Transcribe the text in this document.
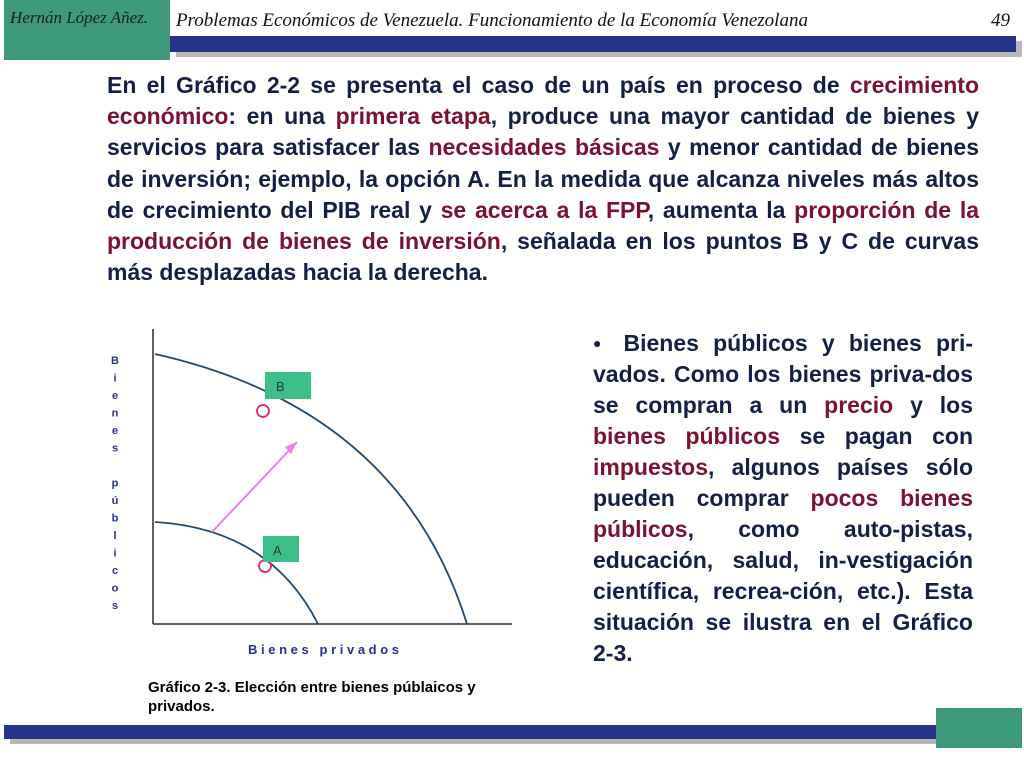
Hernán López Añez. Problemas Económicos de Venezuela. Funcionamiento de la Economía Venezolana	49

En el Gráfico 2-2 se presenta el caso de un país en proceso de crecimiento económico: en una primera etapa, produce una mayor cantidad de bienes y servicios para satisfacer las necesidades básicas y menor cantidad de bienes de inversión; ejemplo, la opción A. En la medida que alcanza niveles más altos de crecimiento del PIB real y se acerca a la FPP, aumenta la proporción de la producción de bienes de inversión, señalada en los puntos B y C de curvas más desplazadas hacia la derecha.

B
A
B
i
e
n
e
s
p
ú
b
l
i
c
o
s
B i e n e s   p r i v a d o s
Gráfico 2-3. Elección entre bienes públaicos y privados.

● Bienes públicos y bienes pri-vados. Como los bienes priva-dos se compran a un precio y los bienes públicos se pagan con impuestos, algunos países sólo pueden comprar pocos bienes públicos, como auto-pistas, educación, salud, in-vestigación científica, recrea-ción, etc.). Esta situación se ilustra en el Gráfico 2-3.
